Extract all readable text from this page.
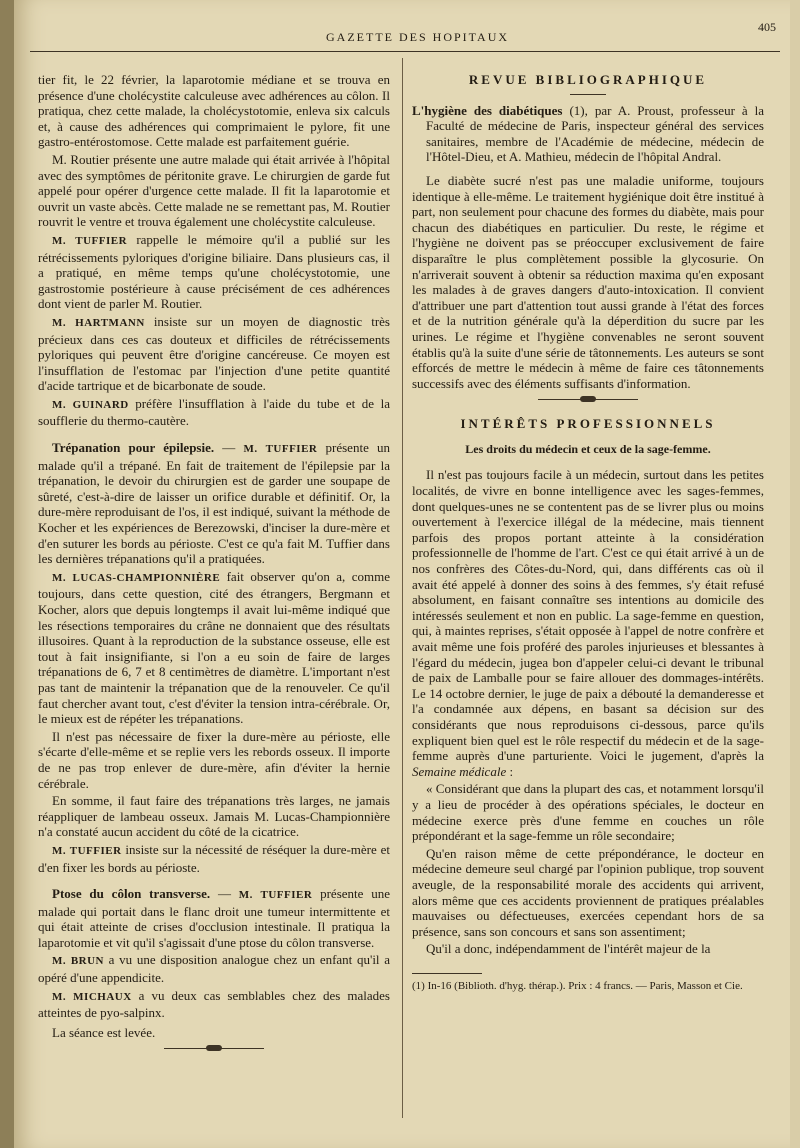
GAZETTE DES HOPITAUX
405

tier fit, le 22 février, la laparotomie médiane et se trouva en présence d'une cholécystite calculeuse avec adhérences au côlon. Il pratiqua, chez cette malade, la cholécystotomie, enleva six calculs et, à cause des adhérences qui comprimaient le pylore, fit une gastro-entérostomose. Cette malade est parfaitement guérie.

M. Routier présente une autre malade qui était arrivée à l'hôpital avec des symptômes de péritonite grave. Le chirurgien de garde fut appelé pour opérer d'urgence cette malade. Il fit la laparotomie et ouvrit un vaste abcès. Cette malade ne se remettant pas, M. Routier rouvrit le ventre et trouva également une cholécystite calculeuse.

M. TUFFIER rappelle le mémoire qu'il a publié sur les rétrécissements pyloriques d'origine biliaire. Dans plusieurs cas, il a pratiqué, en même temps qu'une cholécystotomie, une gastrostomie postérieure à cause précisément de ces adhérences dont vient de parler M. Routier.

M. HARTMANN insiste sur un moyen de diagnostic très précieux dans ces cas douteux et difficiles de rétrécissements pyloriques qui peuvent être d'origine cancéreuse. Ce moyen est l'insufflation de l'estomac par l'injection d'une petite quantité d'acide tartrique et de bicarbonate de soude.

M. GUINARD préfère l'insufflation à l'aide du tube et de la soufflerie du thermo-cautère.

Trépanation pour épilepsie. — M. TUFFIER présente un malade qu'il a trépané. En fait de traitement de l'épilepsie par la trépanation, le devoir du chirurgien est de garder une soupape de sûreté, c'est-à-dire de laisser un orifice durable et définitif. Or, la dure-mère reproduisant de l'os, il est indiqué, suivant la méthode de Kocher et les expériences de Berezowski, d'inciser la dure-mère et d'en suturer les bords au périoste. C'est ce qu'a fait M. Tuffier dans les dernières trépanations qu'il a pratiquées.

M. LUCAS-CHAMPIONNIÈRE fait observer qu'on a, comme toujours, dans cette question, cité des étrangers, Bergmann et Kocher, alors que depuis longtemps il avait lui-même indiqué que les résections temporaires du crâne ne donnaient que des résultats illusoires. Quant à la reproduction de la substance osseuse, elle est tout à fait insignifiante, si l'on a eu soin de faire de larges trépanations de 6, 7 et 8 centimètres de diamètre. L'important n'est pas tant de maintenir la trépanation que de la renouveler. Ce qu'il faut chercher avant tout, c'est d'éviter la tension intra-cérébrale. Or, le mieux est de répéter les trépanations.

Il n'est pas nécessaire de fixer la dure-mère au périoste, elle s'écarte d'elle-même et se replie vers les rebords osseux. Il importe de ne pas trop enlever de dure-mère, afin d'éviter la hernie cérébrale.

En somme, il faut faire des trépanations très larges, ne jamais réappliquer de lambeau osseux. Jamais M. Lucas-Championnière n'a constaté aucun accident du côté de la cicatrice.

M. TUFFIER insiste sur la nécessité de réséquer la dure-mère et d'en fixer les bords au périoste.

Ptose du côlon transverse. — M. TUFFIER présente une malade qui portait dans le flanc droit une tumeur intermittente et qui était atteinte de crises d'occlusion intestinale. Il pratiqua la laparotomie et vit qu'il s'agissait d'une ptose du côlon transverse.

M. BRUN a vu une disposition analogue chez un enfant qu'il a opéré d'une appendicite.

M. MICHAUX a vu deux cas semblables chez des malades atteintes de pyo-salpinx.

La séance est levée.

REVUE BIBLIOGRAPHIQUE

L'hygiène des diabétiques (1), par A. Proust, professeur à la Faculté de médecine de Paris, inspecteur général des services sanitaires, membre de l'Académie de médecine, médecin de l'Hôtel-Dieu, et A. Mathieu, médecin de l'hôpital Andral.

Le diabète sucré n'est pas une maladie uniforme, toujours identique à elle-même. Le traitement hygiénique doit être institué à part, non seulement pour chacune des formes du diabète, mais pour chacun des diabétiques en particulier. Du reste, le régime et l'hygiène ne doivent pas se préoccuper exclusivement de faire disparaître le plus complètement possible la glycosurie. On n'arriverait souvent à obtenir sa réduction maxima qu'en exposant les malades à de graves dangers d'auto-intoxication. Il convient d'attribuer une part d'attention tout aussi grande à l'état des forces et de la nutrition générale qu'à la déperdition du sucre par les urines. Le régime et l'hygiène convenables ne seront souvent établis qu'à la suite d'une série de tâtonnements. Les auteurs se sont efforcés de mettre le médecin à même de faire ces tâtonnements successifs avec des éléments suffisants d'information.

INTÉRÊTS PROFESSIONNELS
Les droits du médecin et ceux de la sage-femme.

Il n'est pas toujours facile à un médecin, surtout dans les petites localités, de vivre en bonne intelligence avec les sages-femmes, dont quelques-unes ne se contentent pas de se livrer plus ou moins ouvertement à l'exercice illégal de la médecine, mais tiennent parfois des propos portant atteinte à la considération professionnelle de l'homme de l'art. C'est ce qui était arrivé à un de nos confrères des Côtes-du-Nord, qui, dans différents cas où il avait été appelé à donner des soins à des femmes, s'y était refusé absolument, en faisant connaître ses intentions au domicile des intéressés seulement et non en public. La sage-femme en question, qui, à maintes reprises, s'était opposée à l'appel de notre confrère et avait même une fois proféré des paroles injurieuses et blessantes à l'égard du médecin, jugea bon d'appeler celui-ci devant le tribunal de paix de Lamballe pour se faire allouer des dommages-intérêts. Le 14 octobre dernier, le juge de paix a débouté la demanderesse et l'a condamnée aux dépens, en basant sa décision sur des considérants que nous reproduisons ci-dessous, parce qu'ils expliquent bien quel est le rôle respectif du médecin et de la sage-femme auprès d'une parturiente. Voici le jugement, d'après la Semaine médicale :

« Considérant que dans la plupart des cas, et notamment lorsqu'il y a lieu de procéder à des opérations spéciales, le docteur en médecine exerce près d'une femme en couches un rôle prépondérant et la sage-femme un rôle secondaire;

Qu'en raison même de cette prépondérance, le docteur en médecine demeure seul chargé par l'opinion publique, trop souvent aveugle, de la responsabilité morale des accidents qui arrivent, alors même que ces accidents proviennent de pratiques préalables mauvaises ou défectueuses, exercées cependant hors de sa présence, sans son concours et sans son assentiment;

Qu'il a donc, indépendamment de l'intérêt majeur de la

(1) In-16 (Biblioth. d'hyg. thérap.). Prix : 4 francs. — Paris, Masson et Cie.
